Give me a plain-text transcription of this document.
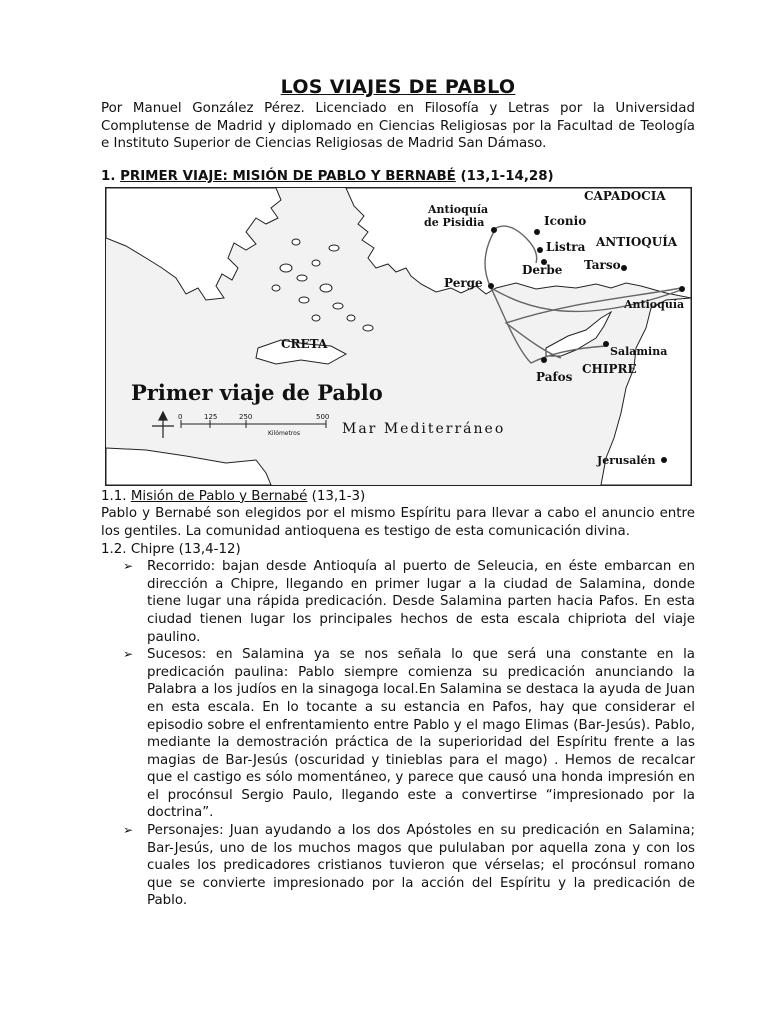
LOS VIAJES DE PABLO

Por Manuel González Pérez. Licenciado en Filosofía y Letras por la Universidad Complutense de Madrid y diplomado en Ciencias Religiosas por la Facultad de Teología e Instituto Superior de Ciencias Religiosas de Madrid San Dámaso.

1. PRIMER VIAJE: MISIÓN DE PABLO Y BERNABÉ (13,1-14,28)
CAPADOCIA
Antioquía
de Pisidia	Iconio
Listra
Derbe
ANTIOQUÍA
Tarso
Perge
Antioquía
CRETA
Salamina
CHIPRE
Pafos
Jerusalén
Primer viaje de Pablo
0	125	250	500
Kilómetros	Mar Mediterráneo
1.1. Misión de Pablo y Bernabé (13,1-3)

Pablo y Bernabé son elegidos por el mismo Espíritu para llevar a cabo el anuncio entre los gentiles. La comunidad antioquena es testigo de esta comunicación divina.

1.2. Chipre (13,4-12)
➢ Recorrido: bajan desde Antioquía al puerto de Seleucia, en éste embarcan en dirección a Chipre, llegando en primer lugar a la ciudad de Salamina, donde tiene lugar una rápida predicación. Desde Salamina parten hacia Pafos. En esta ciudad tienen lugar los principales hechos de esta escala chipriota del viaje paulino.
➢ Sucesos: en Salamina ya se nos señala lo que será una constante en la predicación paulina: Pablo siempre comienza su predicación anunciando la Palabra a los judíos en la sinagoga local.En Salamina se destaca la ayuda de Juan en esta escala. En lo tocante a su estancia en Pafos, hay que considerar el episodio sobre el enfrentamiento entre Pablo y el mago Elimas (Bar-Jesús). Pablo, mediante la demostración práctica de la superioridad del Espíritu frente a las magias de Bar-Jesús (oscuridad y tinieblas para el mago) . Hemos de recalcar que el castigo es sólo momentáneo, y parece que causó una honda impresión en el procónsul Sergio Paulo, llegando este a convertirse “impresionado por la doctrina”.
➢ Personajes: Juan ayudando a los dos Apóstoles en su predicación en Salamina; Bar-Jesús, uno de los muchos magos que pululaban por aquella zona y con los cuales los predicadores cristianos tuvieron que vérselas; el procónsul romano que se convierte impresionado por la acción del Espíritu y la predicación de Pablo.
